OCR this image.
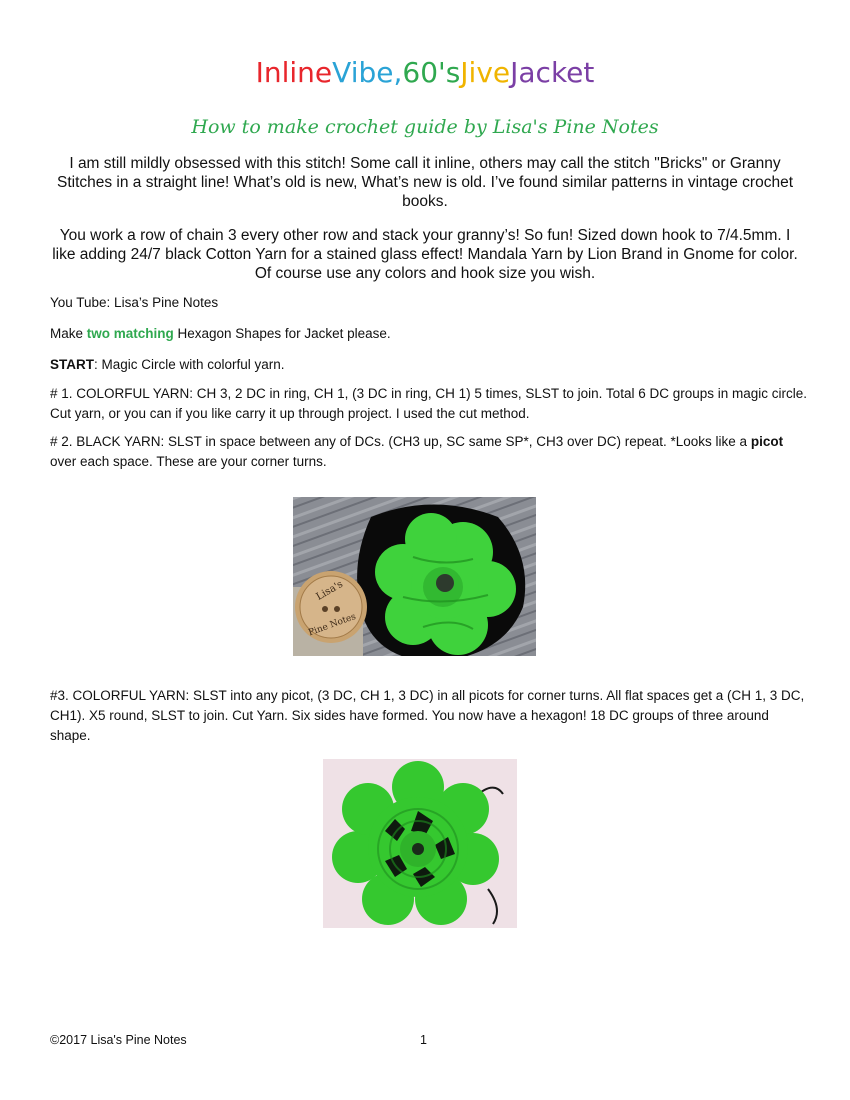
InlineVibe,60'sJiveJacket
How to make crochet guide by Lisa's Pine Notes
I am still mildly obsessed with this stitch! Some call it inline, others may call the stitch "Bricks" or Granny Stitches in a straight line! What’s old is new, What’s new is old. I’ve found similar patterns in vintage crochet books.
You work a row of chain 3 every other row and stack your granny’s! So fun! Sized down hook to 7/4.5mm. I like adding 24/7 black Cotton Yarn for a stained glass effect! Mandala Yarn by Lion Brand in Gnome for color. Of course use any colors and hook size you wish.
You Tube: Lisa’s Pine Notes
Make two matching Hexagon Shapes for Jacket please.
START: Magic Circle with colorful yarn.
# 1. COLORFUL YARN: CH 3, 2 DC in ring, CH 1, (3 DC in ring, CH 1) 5 times, SLST to join. Total 6 DC groups in magic circle. Cut yarn, or you can if you like carry it up through project. I used the cut method.
# 2. BLACK YARN: SLST in space between any of DCs. (CH3 up, SC same SP*, CH3 over DC) repeat. *Looks like a picot over each space. These are your corner turns.
Lisa's
Pine Notes
#3. COLORFUL YARN: SLST into any picot, (3 DC, CH 1, 3 DC) in all picots for corner turns. All flat spaces get a (CH 1, 3 DC, CH1). X5 round, SLST to join. Cut Yarn. Six sides have formed. You now have a hexagon! 18 DC groups of three around shape.
©2017 Lisa's Pine Notes	1
